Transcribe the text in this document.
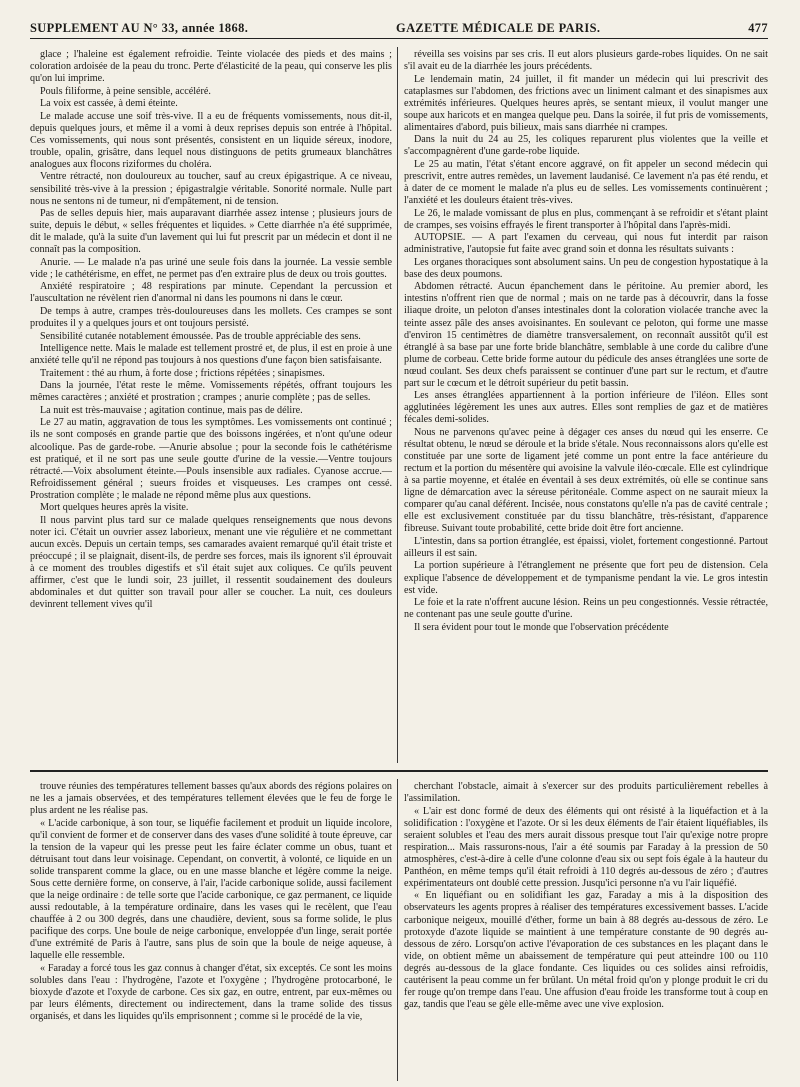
SUPPLEMENT AU N° 33, année 1868.	GAZETTE MÉDICALE DE PARIS.	477

glace ; l'haleine est également refroidie. Teinte violacée des pieds et des mains ; coloration ardoisée de la peau du tronc. Perte d'élasticité de la peau, qui conserve les plis qu'on lui imprime.

Pouls filiforme, à peine sensible, accéléré.

La voix est cassée, à demi éteinte.

Le malade accuse une soif très-vive. Il a eu de fréquents vomissements, nous dit-il, depuis quelques jours, et même il a vomi à deux reprises depuis son entrée à l'hôpital. Ces vomissements, qui nous sont présentés, consistent en un liquide séreux, inodore, trouble, opalin, grisâtre, dans lequel nous distinguons de petits grumeaux blanchâtres analogues aux flocons riziformes du choléra.

Ventre rétracté, non douloureux au toucher, sauf au creux épigastrique. A ce niveau, sensibilité très-vive à la pression ; épigastralgie véritable. Sonorité normale. Nulle part nous ne sentons ni de tumeur, ni d'empâtement, ni de tension.

Pas de selles depuis hier, mais auparavant diarrhée assez intense ; plusieurs jours de suite, depuis le début, « selles fréquentes et liquides. » Cette diarrhée n'a été supprimée, dit le malade, qu'à la suite d'un lavement qui lui fut prescrit par un médecin et dont il ne connaît pas la composition.

Anurie. — Le malade n'a pas uriné une seule fois dans la journée. La vessie semble vide ; le cathétérisme, en effet, ne permet pas d'en extraire plus de deux ou trois gouttes.

Anxiété respiratoire ; 48 respirations par minute. Cependant la percussion et l'auscultation ne révèlent rien d'anormal ni dans les poumons ni dans le cœur.

De temps à autre, crampes très-douloureuses dans les mollets. Ces crampes se sont produites il y a quelques jours et ont toujours persisté.

Sensibilité cutanée notablement émoussée. Pas de trouble appréciable des sens.

Intelligence nette. Mais le malade est tellement prostré et, de plus, il est en proie à une anxiété telle qu'il ne répond pas toujours à nos questions d'une façon bien satisfaisante.

Traitement : thé au rhum, à forte dose ; frictions répétées ; sinapismes.

Dans la journée, l'état reste le même. Vomissements répétés, offrant toujours les mêmes caractères ; anxiété et prostration ; crampes ; anurie complète ; pas de selles.

La nuit est très-mauvaise ; agitation continue, mais pas de délire.

Le 27 au matin, aggravation de tous les symptômes. Les vomissements ont continué ; ils ne sont composés en grande partie que des boissons ingérées, et n'ont qu'une odeur alcoolique. Pas de garde-robe. —Anurie absolue ; pour la seconde fois le cathétérisme est pratiqué, et il ne sort pas une seule goutte d'urine de la vessie.—Ventre toujours rétracté.—Voix absolument éteinte.—Pouls insensible aux radiales. Cyanose accrue.—Refroidissement général ; sueurs froides et visqueuses. Les crampes ont cessé. Prostration complète ; le malade ne répond même plus aux questions.

Mort quelques heures après la visite.

Il nous parvint plus tard sur ce malade quelques renseignements que nous devons noter ici. C'était un ouvrier assez laborieux, menant une vie régulière et ne commettant aucun excès. Depuis un certain temps, ses camarades avaient remarqué qu'il était triste et préoccupé ; il se plaignait, disent-ils, de perdre ses forces, mais ils ignorent s'il éprouvait à ce moment des troubles digestifs et s'il était sujet aux coliques. Ce qu'ils peuvent affirmer, c'est que le lundi soir, 23 juillet, il ressentit soudainement des douleurs abdominales et dut quitter son travail pour aller se coucher. La nuit, ces douleurs devinrent tellement vives qu'il

réveilla ses voisins par ses cris. Il eut alors plusieurs garde-robes liquides. On ne sait s'il avait eu de la diarrhée les jours précédents.

Le lendemain matin, 24 juillet, il fit mander un médecin qui lui prescrivit des cataplasmes sur l'abdomen, des frictions avec un liniment calmant et des sinapismes aux extrémités inférieures. Quelques heures après, se sentant mieux, il voulut manger une soupe aux haricots et en mangea quelque peu. Dans la soirée, il fut pris de vomissements, alimentaires d'abord, puis bilieux, mais sans diarrhée ni crampes.

Dans la nuit du 24 au 25, les coliques reparurent plus violentes que la veille et s'accompagnèrent d'une garde-robe liquide.

Le 25 au matin, l'état s'étant encore aggravé, on fit appeler un second médecin qui prescrivit, entre autres remèdes, un lavement laudanisé. Ce lavement n'a pas été rendu, et à dater de ce moment le malade n'a plus eu de selles. Les vomissements continuèrent ; l'anxiété et les douleurs étaient très-vives.

Le 26, le malade vomissant de plus en plus, commençant à se refroidir et s'étant plaint de crampes, ses voisins effrayés le firent transporter à l'hôpital dans l'après-midi.

AUTOPSIE. — A part l'examen du cerveau, qui nous fut interdit par raison administrative, l'autopsie fut faite avec grand soin et donna les résultats suivants :

Les organes thoraciques sont absolument sains. Un peu de congestion hypostatique à la base des deux poumons.

Abdomen rétracté. Aucun épanchement dans le péritoine. Au premier abord, les intestins n'offrent rien que de normal ; mais on ne tarde pas à découvrir, dans la fosse iliaque droite, un peloton d'anses intestinales dont la coloration violacée tranche avec la teinte assez pâle des anses avoisinantes. En soulevant ce peloton, qui forme une masse d'environ 15 centimètres de diamètre transversalement, on reconnaît aussitôt qu'il est étranglé à sa base par une forte bride blanchâtre, semblable à une corde du calibre d'une plume de corbeau. Cette bride forme autour du pédicule des anses étranglées une sorte de nœud coulant. Ses deux chefs paraissent se continuer d'une part sur le rectum, et d'autre part sur le cœcum et le détroit supérieur du petit bassin.

Les anses étranglées appartiennent à la portion inférieure de l'iléon. Elles sont agglutinées légèrement les unes aux autres. Elles sont remplies de gaz et de matières fécales demi-solides.

Nous ne parvenons qu'avec peine à dégager ces anses du nœud qui les enserre. Ce résultat obtenu, le nœud se déroule et la bride s'étale. Nous reconnaissons alors qu'elle est constituée par une sorte de ligament jeté comme un pont entre la face antérieure du rectum et la portion du mésentère qui avoisine la valvule iléo-cœcale. Elle est cylindrique à sa partie moyenne, et étalée en éventail à ses deux extrémités, où elle se continue sans ligne de démarcation avec la séreuse péritonéale. Comme aspect on ne saurait mieux la comparer qu'au canal déférent. Incisée, nous constatons qu'elle n'a pas de cavité centrale ; elle est exclusivement constituée par du tissu blanchâtre, très-résistant, d'apparence fibreuse. Suivant toute probabilité, cette bride doit être fort ancienne.

L'intestin, dans sa portion étranglée, est épaissi, violet, fortement congestionné. Partout ailleurs il est sain.

La portion supérieure à l'étranglement ne présente que fort peu de distension. Cela explique l'absence de développement et de tympanisme pendant la vie. Le gros intestin est vide.

Le foie et la rate n'offrent aucune lésion. Reins un peu congestionnés. Vessie rétractée, ne contenant pas une seule goutte d'urine.

Il sera évident pour tout le monde que l'observation précédente

trouve réunies des températures tellement basses qu'aux abords des régions polaires on ne les a jamais observées, et des températures tellement élevées que le feu de forge le plus ardent ne les réalise pas.

« L'acide carbonique, à son tour, se liquéfie facilement et produit un liquide incolore, qu'il convient de former et de conserver dans des vases d'une solidité à toute épreuve, car la tension de la vapeur qui les presse peut les faire éclater comme un obus, tuant et détruisant tout dans leur voisinage. Cependant, on convertit, à volonté, ce liquide en un solide transparent comme la glace, ou en une masse blanche et légère comme la neige. Sous cette dernière forme, on conserve, à l'air, l'acide carbonique solide, aussi facilement que la neige ordinaire : de telle sorte que l'acide carbonique, ce gaz permanent, ce liquide aussi redoutable, à la température ordinaire, dans les vases qui le recèlent, que l'eau chauffée à 2 ou 300 degrés, dans une chaudière, devient, sous sa forme solide, le plus pacifique des corps. Une boule de neige carbonique, enveloppée d'un linge, serait portée d'une extrémité de Paris à l'autre, sans plus de soin que la boule de neige aqueuse, à laquelle elle ressemble.

« Faraday a forcé tous les gaz connus à changer d'état, six exceptés. Ce sont les moins solubles dans l'eau : l'hydrogène, l'azote et l'oxygène ; l'hydrogène protocarboné, le bioxyde d'azote et l'oxyde de carbone. Ces six gaz, en outre, entrent, par eux-mêmes ou par leurs éléments, directement ou indirectement, dans la trame solide des tissus organisés, et dans les liquides qu'ils emprisonnent ; comme si le procédé de la vie,

cherchant l'obstacle, aimait à s'exercer sur des produits particulièrement rebelles à l'assimilation.

« L'air est donc formé de deux des éléments qui ont résisté à la liquéfaction et à la solidification : l'oxygène et l'azote. Or si les deux éléments de l'air étaient liquéfiables, ils seraient solubles et l'eau des mers aurait dissous presque tout l'air qu'exige notre propre respiration... Mais rassurons-nous, l'air a été soumis par Faraday à la pression de 50 atmosphères, c'est-à-dire à celle d'une colonne d'eau six ou sept fois égale à la hauteur du Panthéon, en même temps qu'il était refroidi à 110 degrés au-dessous de zéro ; d'autres expérimentateurs ont doublé cette pression. Jusqu'ici personne n'a vu l'air liquéfié.

« En liquéfiant ou en solidifiant les gaz, Faraday a mis à la disposition des observateurs les agents propres à réaliser des températures excessivement basses. L'acide carbonique neigeux, mouillé d'éther, forme un bain à 88 degrés au-dessous de zéro. Le protoxyde d'azote liquide se maintient à une température constante de 90 degrés au-dessous de zéro. Lorsqu'on active l'évaporation de ces substances en les plaçant dans le vide, on obtient même un abaissement de température qui peut atteindre 100 ou 110 degrés au-dessous de la glace fondante. Ces liquides ou ces solides ainsi refroidis, cautérisent la peau comme un fer brûlant. Un métal froid qu'on y plonge produit le cri du fer rouge qu'on trempe dans l'eau. Une affusion d'eau froide les transforme tout à coup en gaz, tandis que l'eau se gèle elle-même avec une vive explosion.
